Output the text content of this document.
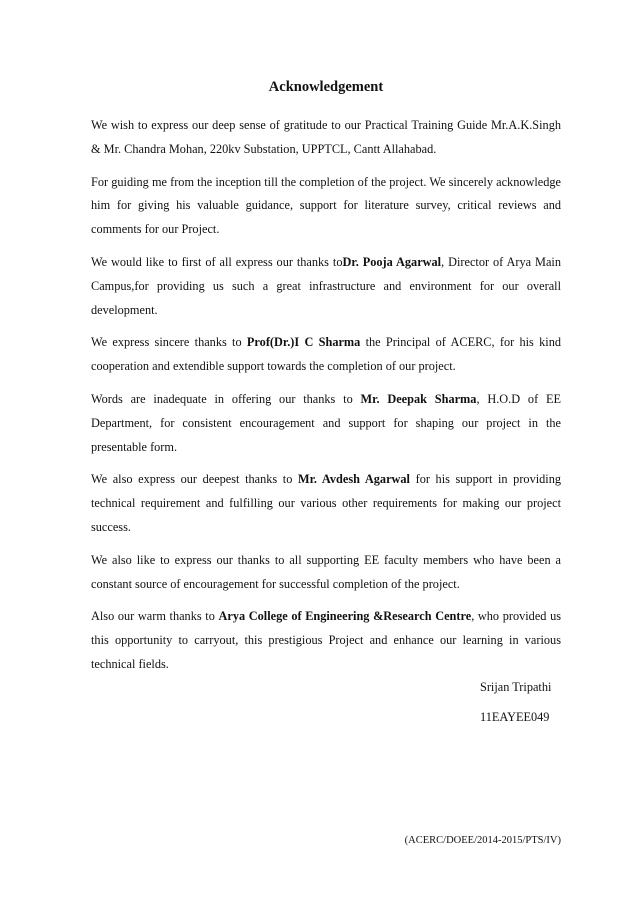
Acknowledgement

We wish to express our deep sense of gratitude to our Practical Training Guide Mr.A.K.Singh & Mr. Chandra Mohan, 220kv Substation, UPPTCL, Cantt Allahabad.

For guiding me from the inception till the completion of the project. We sincerely acknowledge him for giving his valuable guidance, support for literature survey, critical reviews and comments for our Project.

We would like to first of all express our thanks toDr. Pooja Agarwal, Director of Arya Main Campus,for providing us such a great infrastructure and environment for our overall development.

We express sincere thanks to Prof(Dr.)I C Sharma the Principal of ACERC, for his kind cooperation and extendible support towards the completion of our project.

Words are inadequate in offering our thanks to Mr. Deepak Sharma, H.O.D of EE Department, for consistent encouragement and support for shaping our project in the presentable form.

We also express our deepest thanks to Mr. Avdesh Agarwal for his support in providing technical requirement and fulfilling our various other requirements for making our project success.

We also like to express our thanks to all supporting EE faculty members who have been a constant source of encouragement for successful completion of the project.

Also our warm thanks to Arya College of Engineering &Research Centre, who provided us this opportunity to carryout, this prestigious Project and enhance our learning in various technical fields.

Srijan Tripathi
11EAYEE049
(ACERC/DOEE/2014-2015/PTS/IV)
